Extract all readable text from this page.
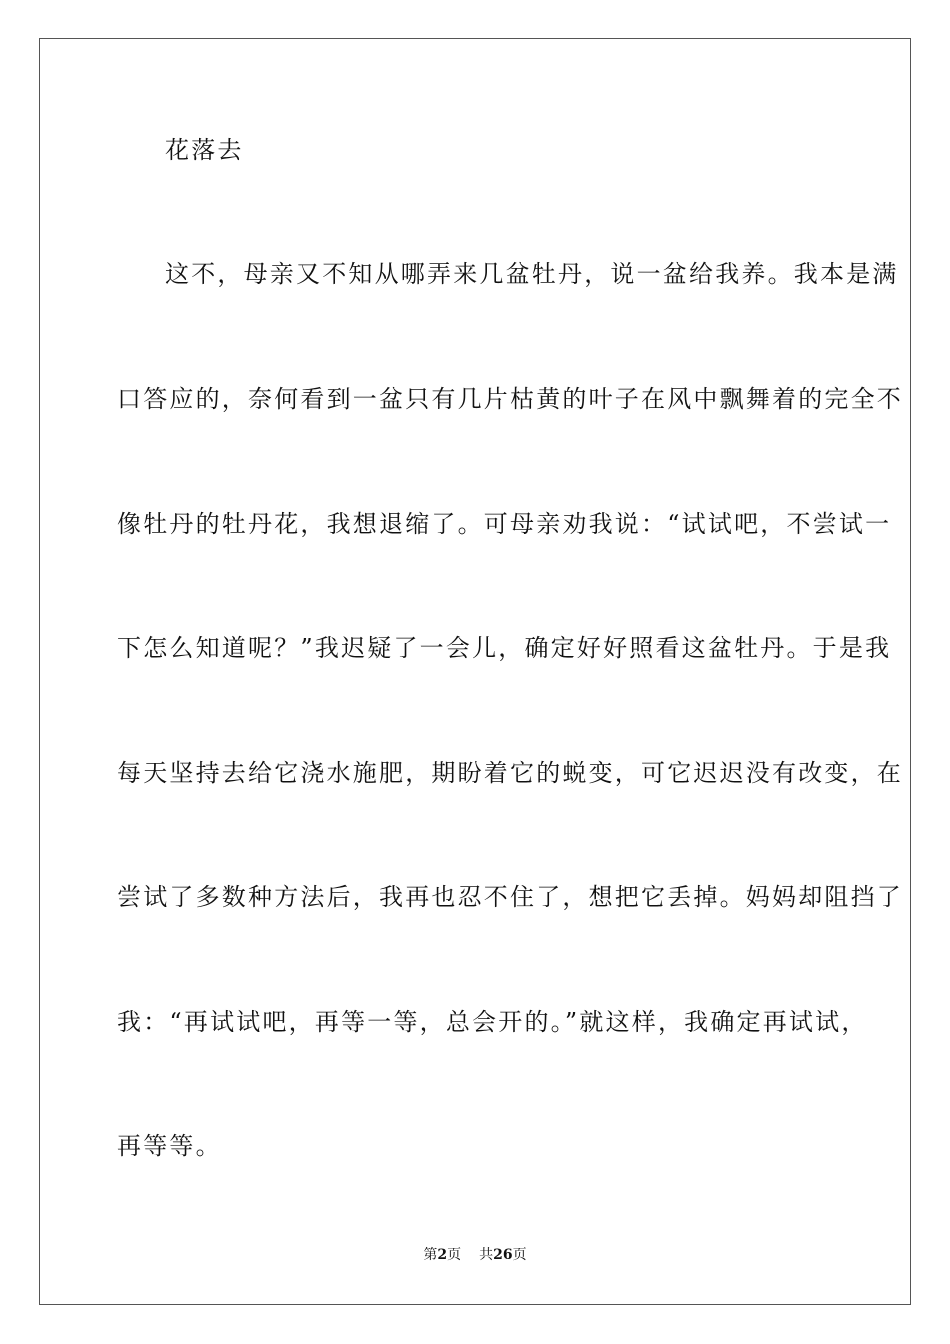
花落去
这不，母亲又不知从哪弄来几盆牡丹，说一盆给我养。我本是满
口答应的，奈何看到一盆只有几片枯黄的叶子在风中飘舞着的完全不
像牡丹的牡丹花，我想退缩了。可母亲劝我说：“试试吧，不尝试一
下怎么知道呢？”我迟疑了一会儿，确定好好照看这盆牡丹。于是我
每天坚持去给它浇水施肥，期盼着它的蜕变，可它迟迟没有改变，在
尝试了多数种方法后，我再也忍不住了，想把它丢掉。妈妈却阻挡了
我：“再试试吧，再等一等，总会开的。”就这样，我确定再试试，
再等等。
第2页 共26页
